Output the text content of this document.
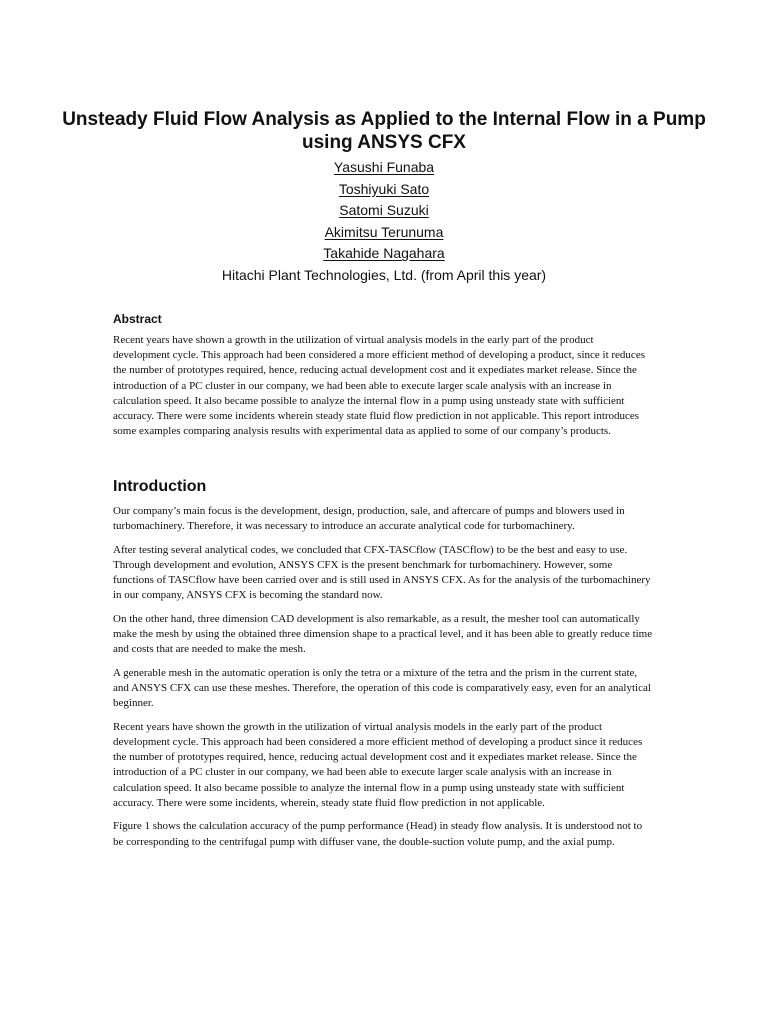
Unsteady Fluid Flow Analysis as Applied to the Internal Flow in a Pump using ANSYS CFX
Yasushi Funaba
Toshiyuki Sato
Satomi Suzuki
Akimitsu Terunuma
Takahide Nagahara
Hitachi Plant Technologies, Ltd. (from April this year)
Abstract

Recent years have shown a growth in the utilization of virtual analysis models in the early part of the product development cycle. This approach had been considered a more efficient method of developing a product, since it reduces the number of prototypes required, hence, reducing actual development cost and it expediates market release. Since the introduction of a PC cluster in our company, we had been able to execute larger scale analysis with an increase in calculation speed. It also became possible to analyze the internal flow in a pump using unsteady state with sufficient accuracy. There were some incidents wherein steady state fluid flow prediction in not applicable. This report introduces some examples comparing analysis results with experimental data as applied to some of our company’s products.

Introduction

Our company’s main focus is the development, design, production, sale, and aftercare of pumps and blowers used in turbomachinery. Therefore, it was necessary to introduce an accurate analytical code for turbomachinery.

After testing several analytical codes, we concluded that CFX-TASCflow (TASCflow) to be the best and easy to use. Through development and evolution, ANSYS CFX is the present benchmark for turbomachinery. However, some functions of TASCflow have been carried over and is still used in ANSYS CFX. As for the analysis of the turbomachinery in our company, ANSYS CFX is becoming the standard now.

On the other hand, three dimension CAD development is also remarkable, as a result, the mesher tool can automatically make the mesh by using the obtained three dimension shape to a practical level, and it has been able to greatly reduce time and costs that are needed to make the mesh.

A generable mesh in the automatic operation is only the tetra or a mixture of the tetra and the prism in the current state, and ANSYS CFX can use these meshes. Therefore, the operation of this code is comparatively easy, even for an analytical beginner.

Recent years have shown the growth in the utilization of virtual analysis models in the early part of the product development cycle. This approach had been considered a more efficient method of developing a product since it reduces the number of prototypes required, hence, reducing actual development cost and it expediates market release. Since the introduction of a PC cluster in our company, we had been able to execute larger scale analysis with an increase in calculation speed. It also became possible to analyze the internal flow in a pump using unsteady state with sufficient accuracy. There were some incidents, wherein, steady state fluid flow prediction in not applicable.

Figure 1 shows the calculation accuracy of the pump performance (Head) in steady flow analysis. It is understood not to be corresponding to the centrifugal pump with diffuser vane, the double-suction volute pump, and the axial pump.
